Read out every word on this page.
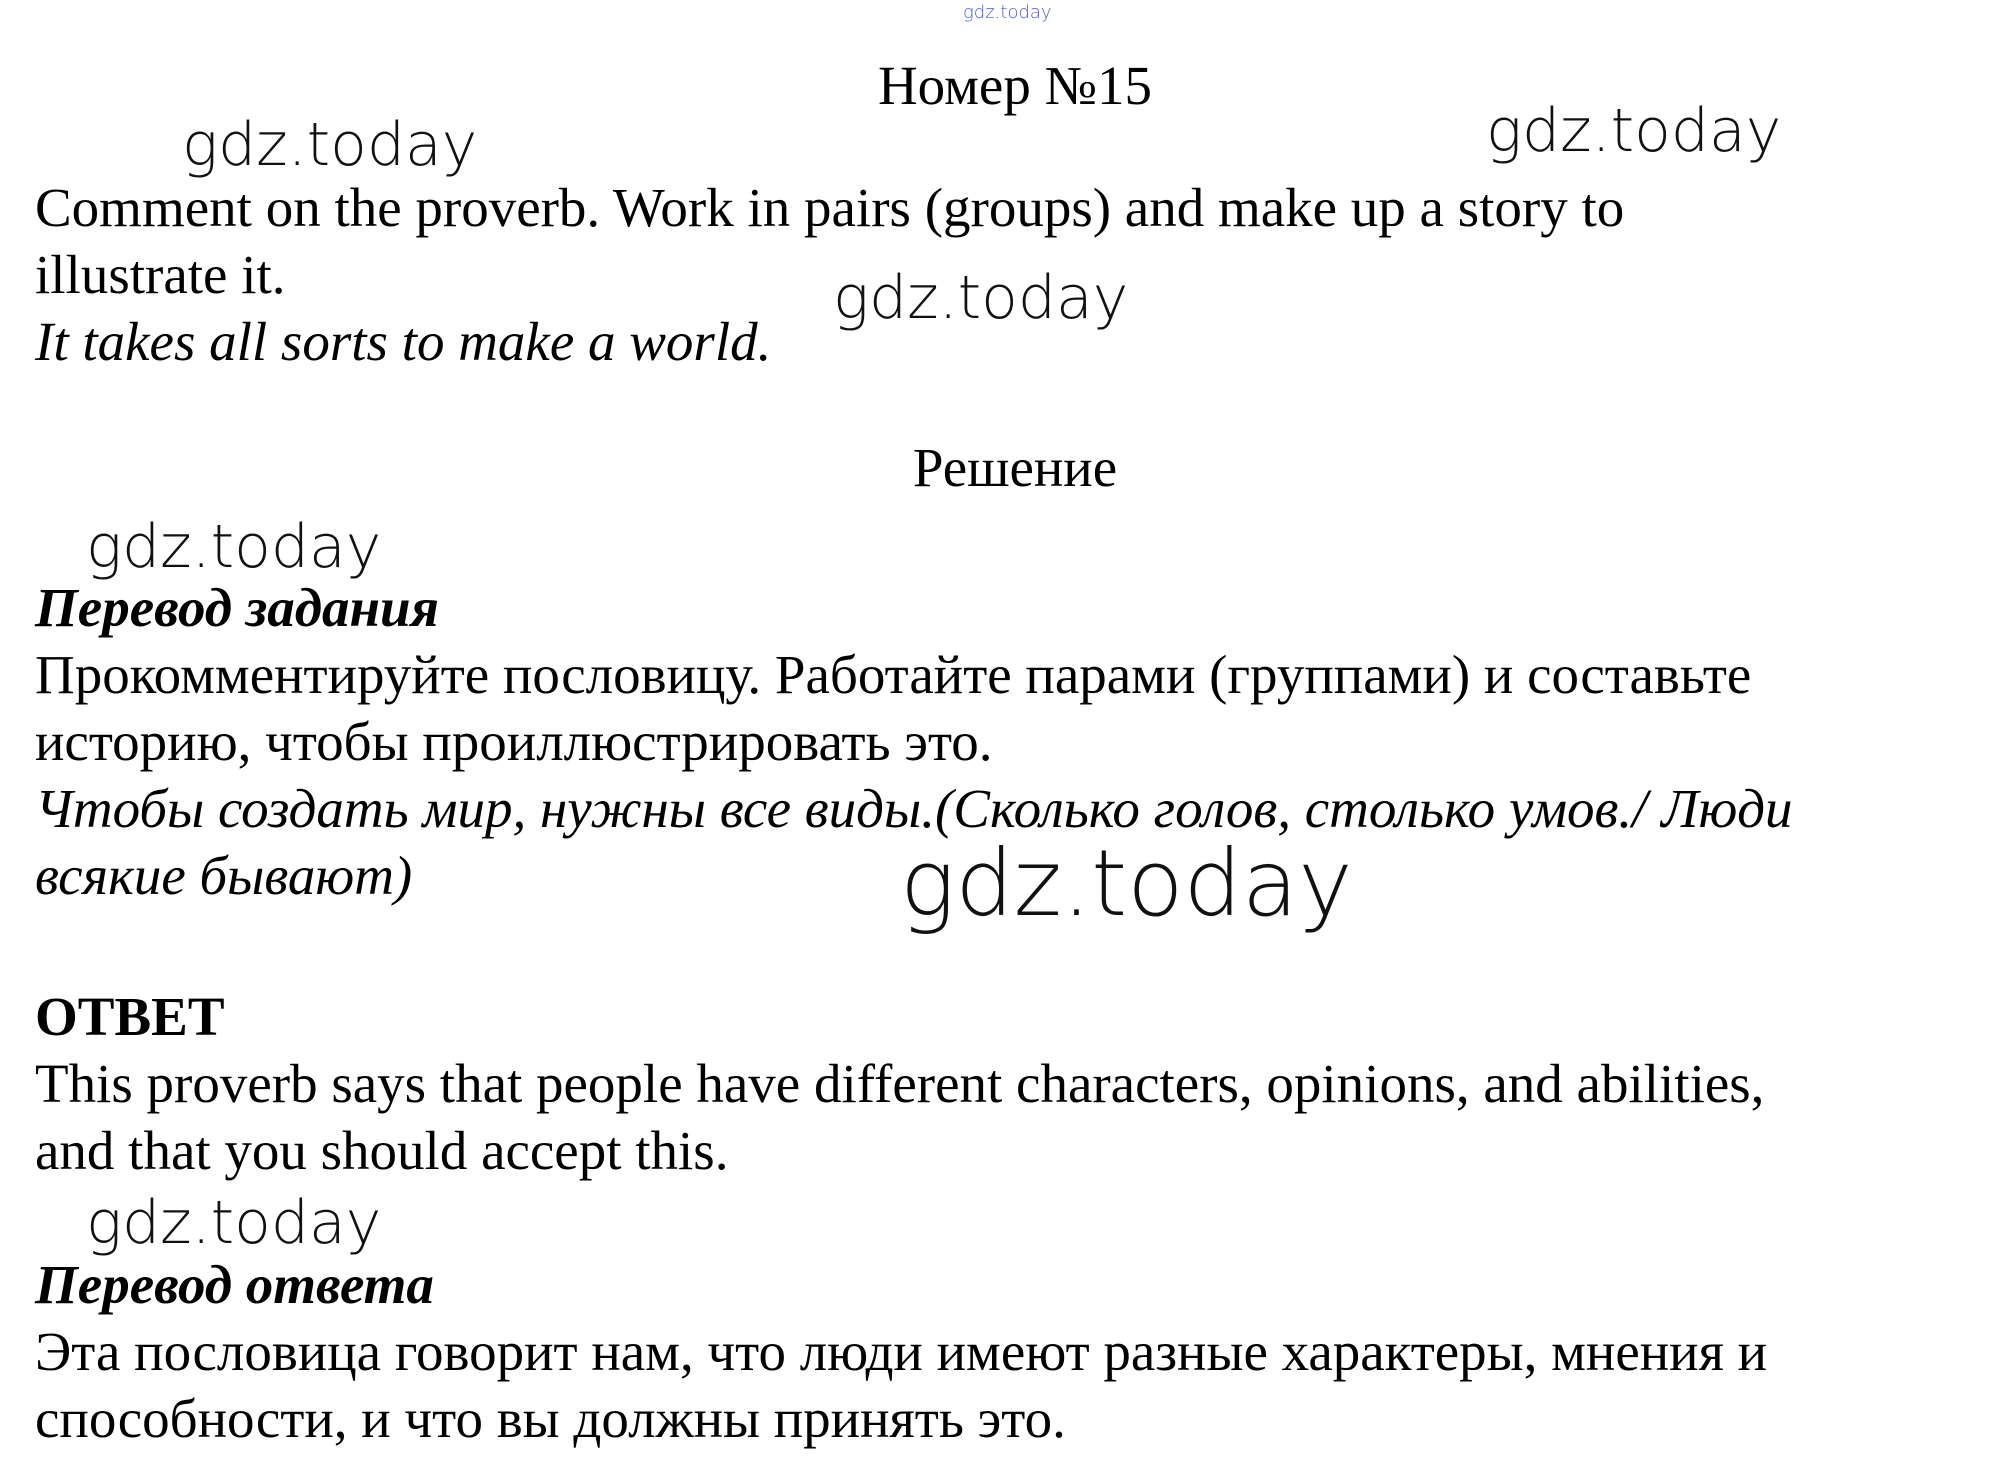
gdz.today
gdz.today	gdz.today
gdz.today
gdz.today
gdz.today
gdz.today
Номер №15
Comment on the proverb. Work in pairs (groups) and make up a story to
illustrate it.
It takes all sorts to make a world.
Решение
Перевод задания
Прокомментируйте пословицу. Работайте парами (группами) и составьте
историю, чтобы проиллюстрировать это.
Чтобы создать мир, нужны все виды.(Сколько голов, столько умов./ Люди
всякие бывают)
ОТВЕТ
This proverb says that people have different characters, opinions, and abilities,
and that you should accept this.
Перевод ответа
Эта пословица говорит нам, что люди имеют разные характеры, мнения и
способности, и что вы должны принять это.
